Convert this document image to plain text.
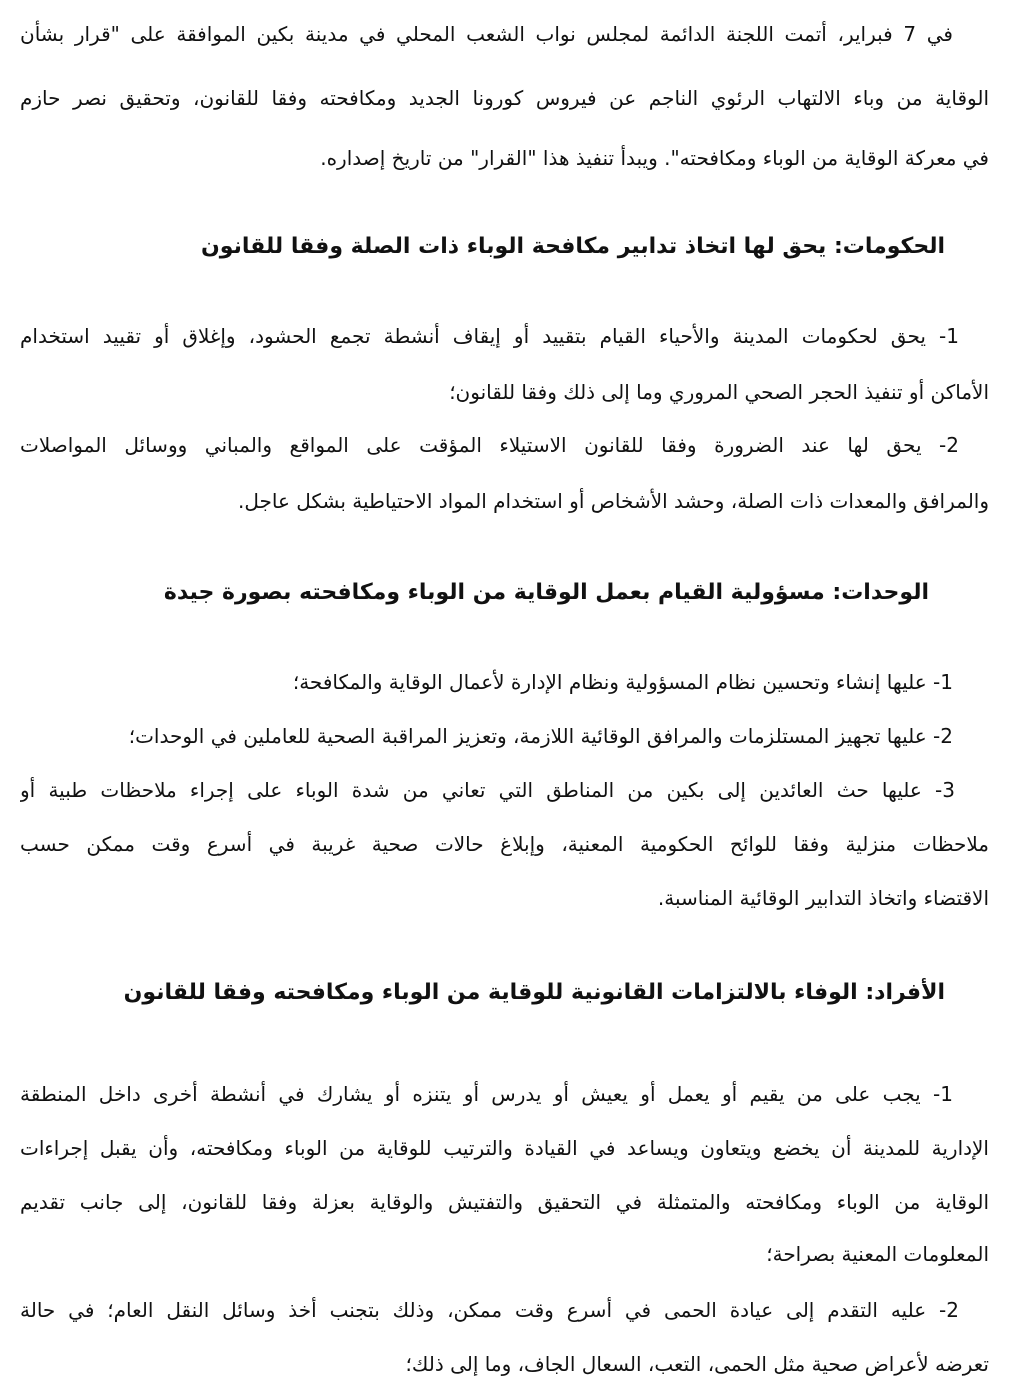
في 7 فبراير، أتمت اللجنة الدائمة لمجلس نواب الشعب المحلي في مدينة بكين الموافقة على "قرار بشأن

الوقاية من وباء الالتهاب الرئوي الناجم عن فيروس كورونا الجديد ومكافحته وفقا للقانون، وتحقيق نصر حازم

في معركة الوقاية من الوباء ومكافحته". ويبدأ تنفيذ هذا "القرار" من تاريخ إصداره.

الحكومات: يحق لها اتخاذ تدابير مكافحة الوباء ذات الصلة وفقا للقانون

1- يحق لحكومات المدينة والأحياء القيام بتقييد أو إيقاف أنشطة تجمع الحشود، وإغلاق أو تقييد استخدام

الأماكن أو تنفيذ الحجر الصحي المروري وما إلى ذلك وفقا للقانون؛

2- يحق لها عند الضرورة وفقا للقانون الاستيلاء المؤقت على المواقع والمباني ووسائل المواصلات

والمرافق والمعدات ذات الصلة، وحشد الأشخاص أو استخدام المواد الاحتياطية بشكل عاجل.

الوحدات: مسؤولية القيام بعمل الوقاية من الوباء ومكافحته بصورة جيدة

1- عليها إنشاء وتحسين نظام المسؤولية ونظام الإدارة لأعمال الوقاية والمكافحة؛

2- عليها تجهيز المستلزمات والمرافق الوقائية اللازمة، وتعزيز المراقبة الصحية للعاملين في الوحدات؛

3- عليها حث العائدين إلى بكين من المناطق التي تعاني من شدة الوباء على إجراء ملاحظات طبية أو

ملاحظات منزلية وفقا للوائح الحكومية المعنية، وإبلاغ حالات صحية غريبة في أسرع وقت ممكن حسب

الاقتضاء واتخاذ التدابير الوقائية المناسبة.

الأفراد: الوفاء بالالتزامات القانونية للوقاية من الوباء ومكافحته وفقا للقانون

1- يجب على من يقيم أو يعمل أو يعيش أو يدرس أو يتنزه أو يشارك في أنشطة أخرى داخل المنطقة

الإدارية للمدينة أن يخضع ويتعاون ويساعد في القيادة والترتيب للوقاية من الوباء ومكافحته، وأن يقبل إجراءات

الوقاية من الوباء ومكافحته والمتمثلة في التحقيق والتفتيش والوقاية بعزلة وفقا للقانون، إلى جانب تقديم

المعلومات المعنية بصراحة؛

2- عليه التقدم إلى عيادة الحمى في أسرع وقت ممكن، وذلك بتجنب أخذ وسائل النقل العام؛ في حالة

تعرضه لأعراض صحية مثل الحمى، التعب، السعال الجاف، وما إلى ذلك؛
